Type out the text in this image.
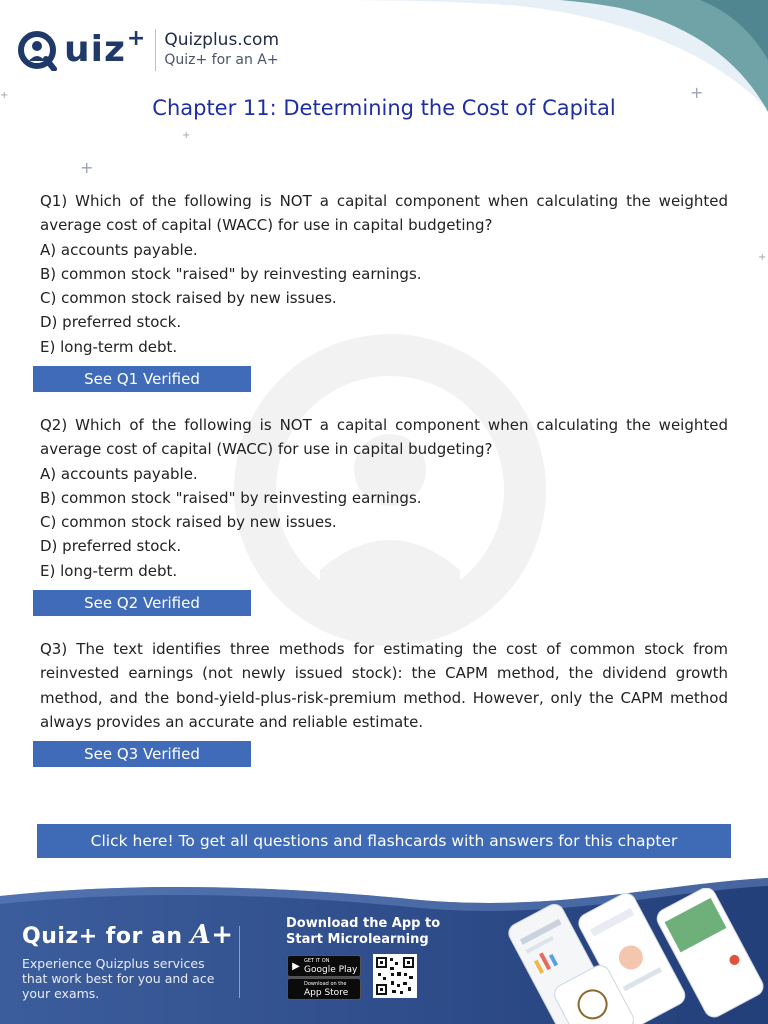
uiz + Quizplus.com
Quiz+ for an A+
+
+
+
+
+
Chapter 11: Determining the Cost of Capital
Q1) Which of the following is NOT a capital component when calculating the weighted average cost of capital (WACC) for use in capital budgeting?
A) accounts payable.
B) common stock "raised" by reinvesting earnings.
C) common stock raised by new issues.
D) preferred stock.
E) long-term debt.
See Q1 Verified Answer
Q2) Which of the following is NOT a capital component when calculating the weighted average cost of capital (WACC) for use in capital budgeting?
A) accounts payable.
B) common stock "raised" by reinvesting earnings.
C) common stock raised by new issues.
D) preferred stock.
E) long-term debt.
See Q2 Verified Answer
Q3) The text identifies three methods for estimating the cost of common stock from reinvested earnings (not newly issued stock): the CAPM method, the dividend growth method, and the bond-yield-plus-risk-premium method. However, only the CAPM method always provides an accurate and reliable estimate.
See Q3 Verified Answer
Click here! To get all questions and flashcards with answers for this chapter
Quiz+ for an A+
Experience Quizplus services that work best for you and ace your exams.
Download the App to
Start Microlearning
▶ GET IT ON
Google Play
Download on the
App Store
